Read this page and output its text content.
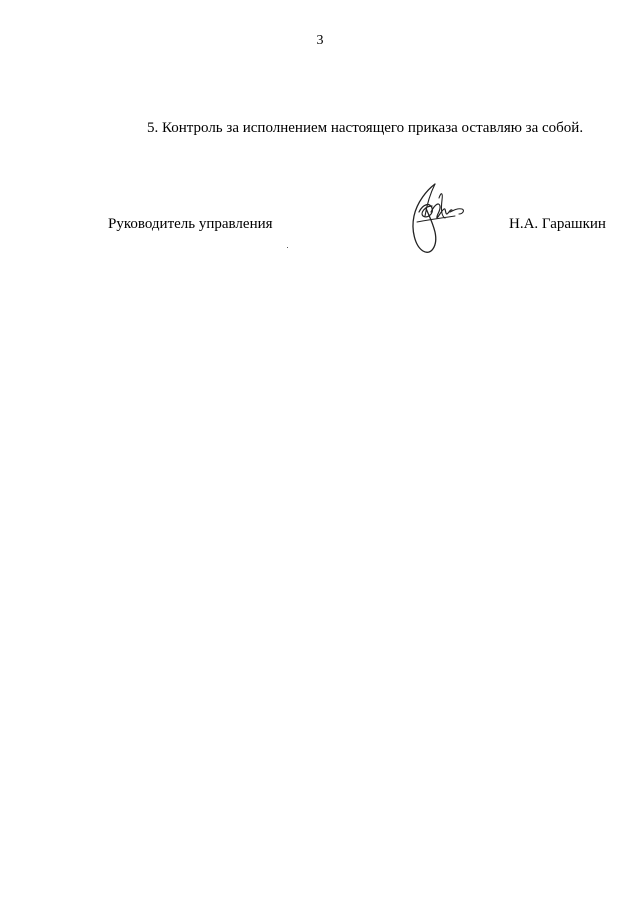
3
5. Контроль за исполнением настоящего приказа оставляю за собой.
Руководитель управления	Н.А. Гарашкин
